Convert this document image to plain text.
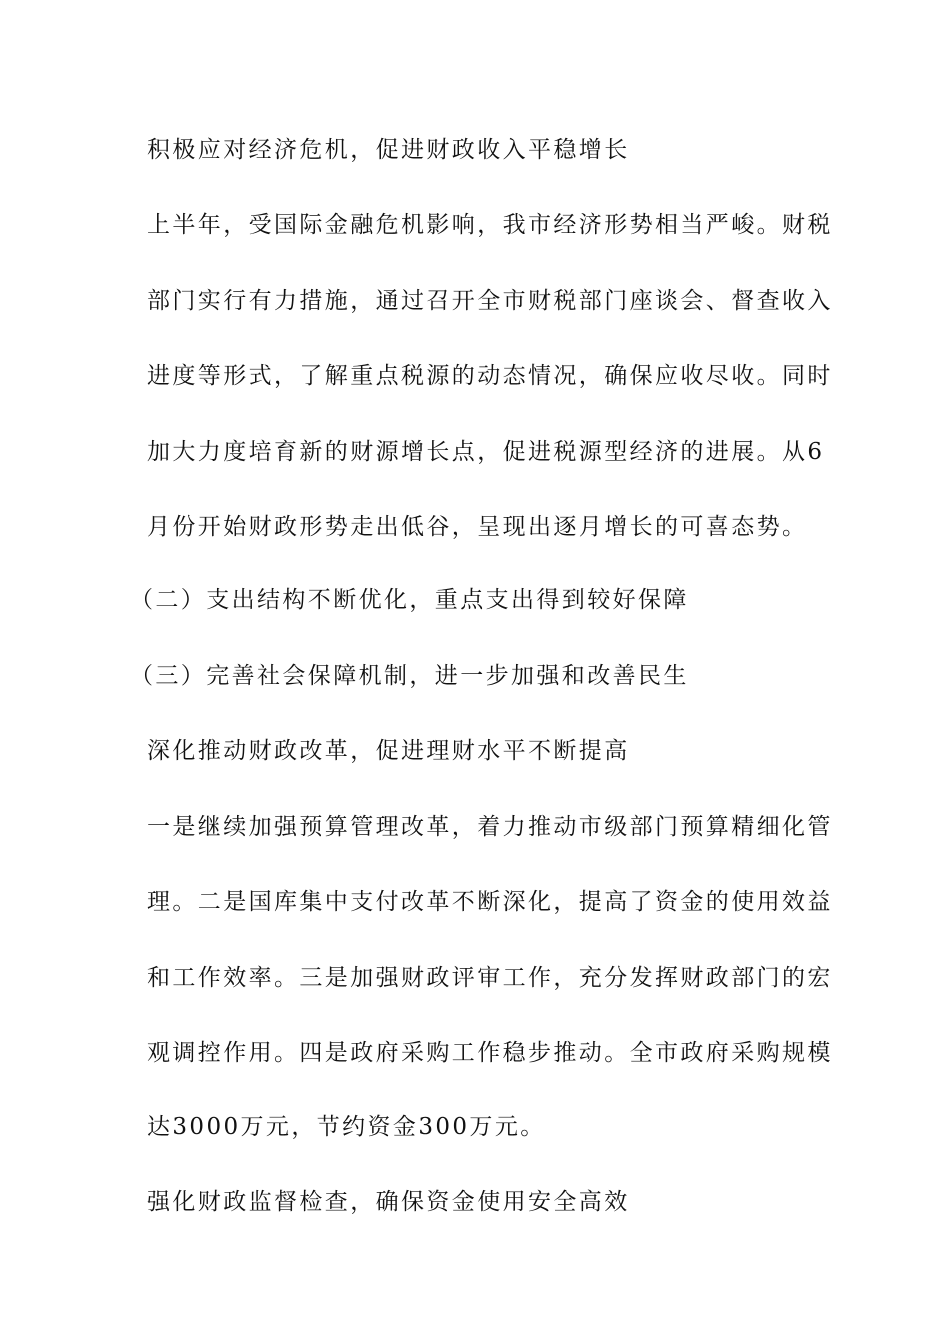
积极应对经济危机，促进财政收入平稳增长
上半年，受国际金融危机影响，我市经济形势相当严峻。财税
部门实行有力措施，通过召开全市财税部门座谈会、督查收入
进度等形式，了解重点税源的动态情况，确保应收尽收。同时
加大力度培育新的财源增长点，促进税源型经济的进展。从6
月份开始财政形势走出低谷，呈现出逐月增长的可喜态势。
（二）支出结构不断优化，重点支出得到较好保障
（三）完善社会保障机制，进一步加强和改善民生
深化推动财政改革，促进理财水平不断提高
一是继续加强预算管理改革，着力推动市级部门预算精细化管
理。二是国库集中支付改革不断深化，提高了资金的使用效益
和工作效率。三是加强财政评审工作，充分发挥财政部门的宏
观调控作用。四是政府采购工作稳步推动。全市政府采购规模
达3000万元，节约资金300万元。
强化财政监督检查，确保资金使用安全高效
